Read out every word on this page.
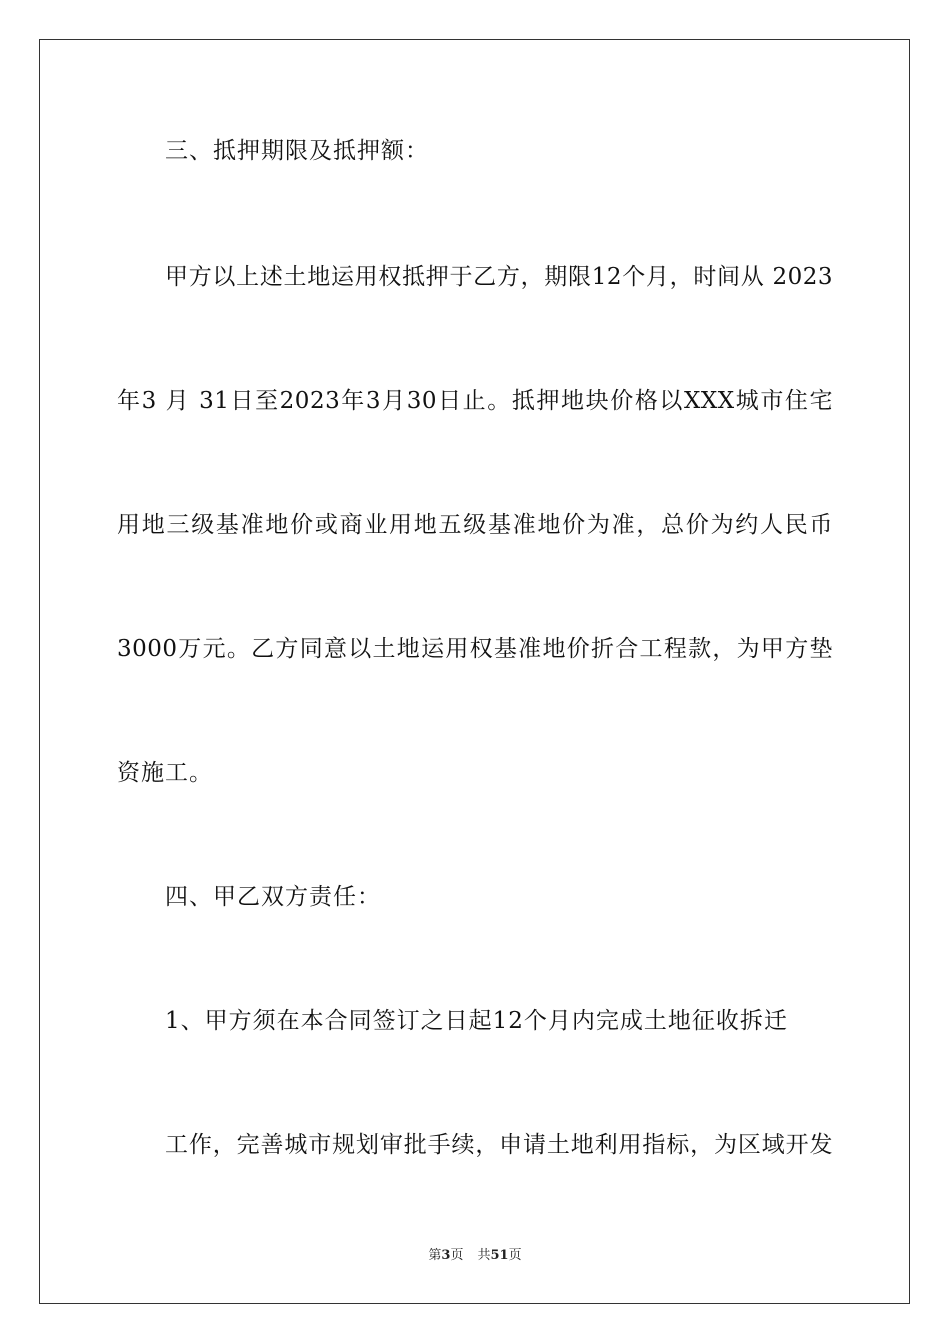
三、抵押期限及抵押额：
甲方以上述土地运用权抵押于乙方，期限12个月，时间从 2023
年3 月 31日至2023年3月30日止。抵押地块价格以XXX城市住宅
用地三级基准地价或商业用地五级基准地价为准，总价为约人民币
3000万元。乙方同意以土地运用权基准地价折合工程款，为甲方垫
资施工。
四、甲乙双方责任：
1、甲方须在本合同签订之日起12个月内完成土地征收拆迁
工作，完善城市规划审批手续，申请土地利用指标，为区域开发
第3页 共51页
